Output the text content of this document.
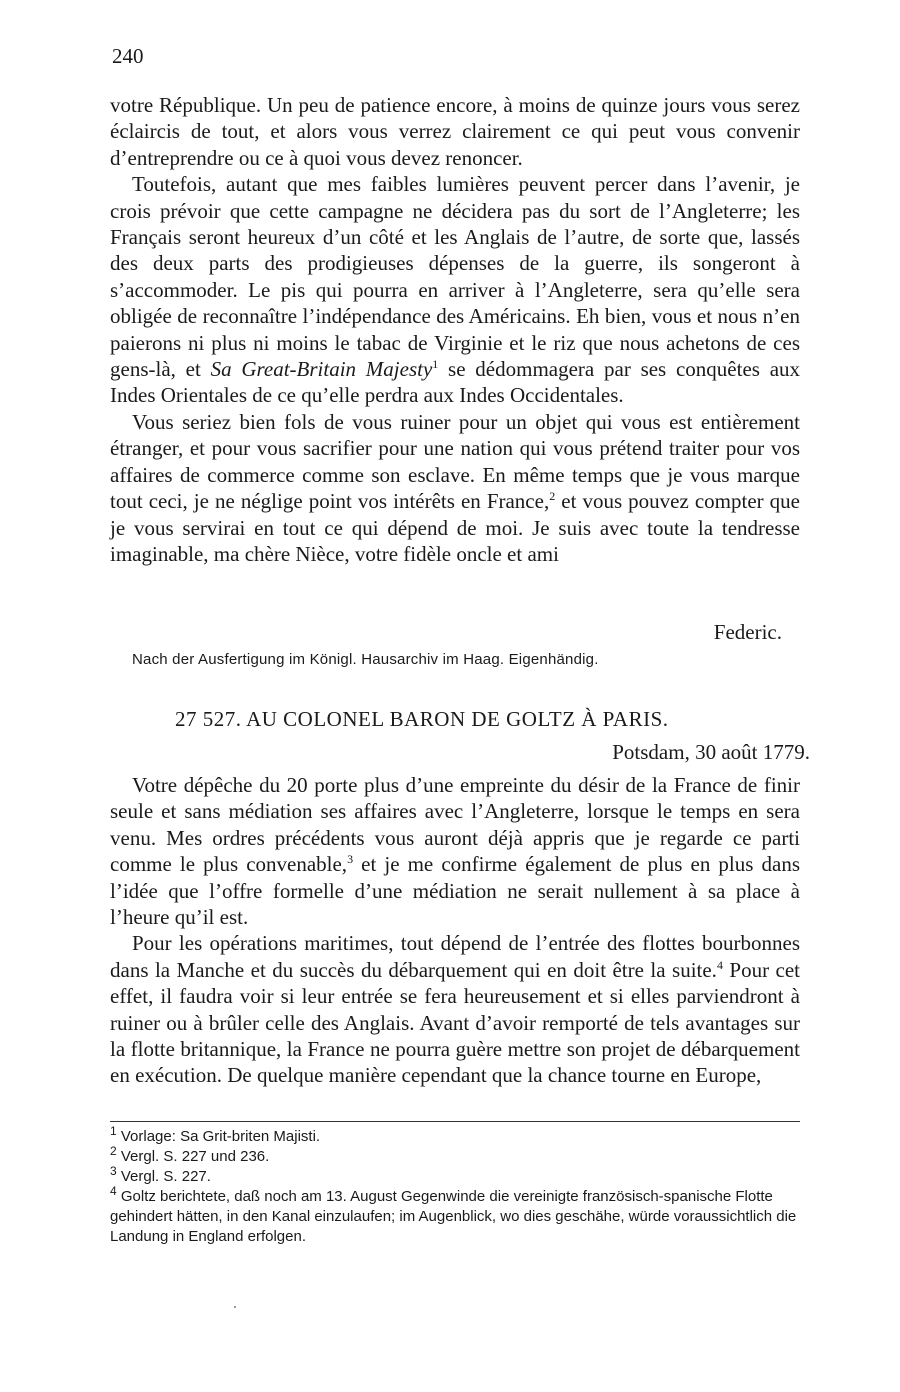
240

votre République. Un peu de patience encore, à moins de quinze jours vous serez éclaircis de tout, et alors vous verrez clairement ce qui peut vous convenir d’entreprendre ou ce à quoi vous devez renoncer.

Toutefois, autant que mes faibles lumières peuvent percer dans l’avenir, je crois prévoir que cette campagne ne décidera pas du sort de l’Angleterre; les Français seront heureux d’un côté et les Anglais de l’autre, de sorte que, lassés des deux parts des prodigieuses dépenses de la guerre, ils songeront à s’accommoder. Le pis qui pourra en arriver à l’Angleterre, sera qu’elle sera obligée de reconnaître l’indépendance des Américains. Eh bien, vous et nous n’en paierons ni plus ni moins le tabac de Virginie et le riz que nous achetons de ces gens-là, et Sa Great-Britain Majesty$^1$ se dédommagera par ses conquêtes aux Indes Orientales de ce qu’elle perdra aux Indes Occidentales.

Vous seriez bien fols de vous ruiner pour un objet qui vous est entièrement étranger, et pour vous sacrifier pour une nation qui vous prétend traiter pour vos affaires de commerce comme son esclave. En même temps que je vous marque tout ceci, je ne néglige point vos intérêts en France,$^2$ et vous pouvez compter que je vous servirai en tout ce qui dépend de moi. Je suis avec toute la tendresse imaginable, ma chère Nièce, votre fidèle oncle et ami

Federic.
Nach der Ausfertigung im Königl. Hausarchiv im Haag. Eigenhändig.
27 527. AU COLONEL BARON DE GOLTZ À PARIS.
Potsdam, 30 août 1779.

Votre dépêche du 20 porte plus d’une empreinte du désir de la France de finir seule et sans médiation ses affaires avec l’Angleterre, lorsque le temps en sera venu. Mes ordres précédents vous auront déjà appris que je regarde ce parti comme le plus convenable,$^3$ et je me confirme également de plus en plus dans l’idée que l’offre formelle d’une médiation ne serait nullement à sa place à l’heure qu’il est.

Pour les opérations maritimes, tout dépend de l’entrée des flottes bourbonnes dans la Manche et du succès du débarquement qui en doit être la suite.$^4$ Pour cet effet, il faudra voir si leur entrée se fera heureusement et si elles parviendront à ruiner ou à brûler celle des Anglais. Avant d’avoir remporté de tels avantages sur la flotte britannique, la France ne pourra guère mettre son projet de débarquement en exécution. De quelque manière cependant que la chance tourne en Europe,

$^1$ Vorlage: Sa Grit-briten Majisti.

$^2$ Vergl. S. 227 und 236.

$^3$ Vergl. S. 227.

$^4$ Goltz berichtete, daß noch am 13. August Gegenwinde die vereinigte französisch-spanische Flotte gehindert hätten, in den Kanal einzulaufen; im Augenblick, wo dies geschähe, würde voraussichtlich die Landung in England erfolgen.
